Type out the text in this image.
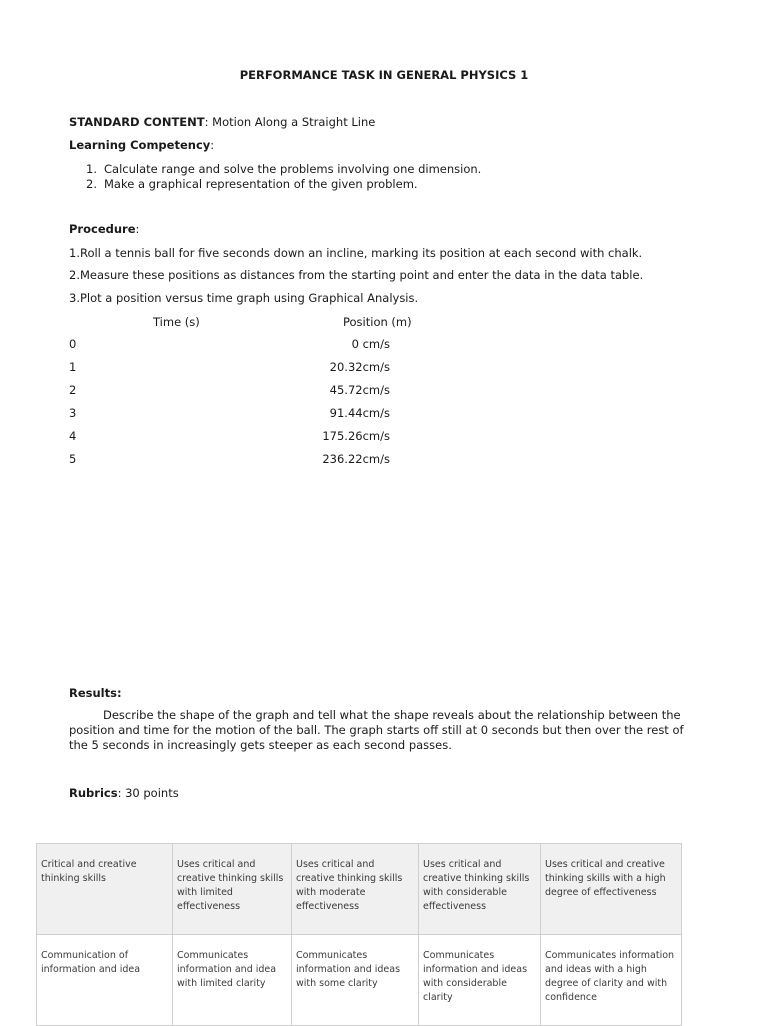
PERFORMANCE TASK IN GENERAL PHYSICS 1
STANDARD CONTENT: Motion Along a Straight Line
Learning Competency:
1. Calculate range and solve the problems involving one dimension.
2. Make a graphical representation of the given problem.
Procedure:
1.Roll a tennis ball for five seconds down an incline, marking its position at each second with chalk.
2.Measure these positions as distances from the starting point and enter the data in the data table.
3.Plot a position versus time graph using Graphical Analysis.
Time (s)	Position (m)
0	0 cm/s
1	20.32cm/s
2	45.72cm/s
3	91.44cm/s
4	175.26cm/s
5	236.22cm/s
Results:
Describe the shape of the graph and tell what the shape reveals about the relationship between the position and time for the motion of the ball. The graph starts off still at 0 seconds but then over the rest of the 5 seconds in increasingly gets steeper as each second passes.
Rubrics: 30 points
Critical and creative thinking skills	Uses critical and creative thinking skills with limited effectiveness	Uses critical and creative thinking skills with moderate effectiveness	Uses critical and creative thinking skills with considerable effectiveness	Uses critical and creative thinking skills with a high degree of effectiveness
Communication of information and idea	Communicates information and idea with limited clarity	Communicates information and ideas with some clarity	Communicates information and ideas with considerable clarity	Communicates information and ideas with a high degree of clarity and with confidence
